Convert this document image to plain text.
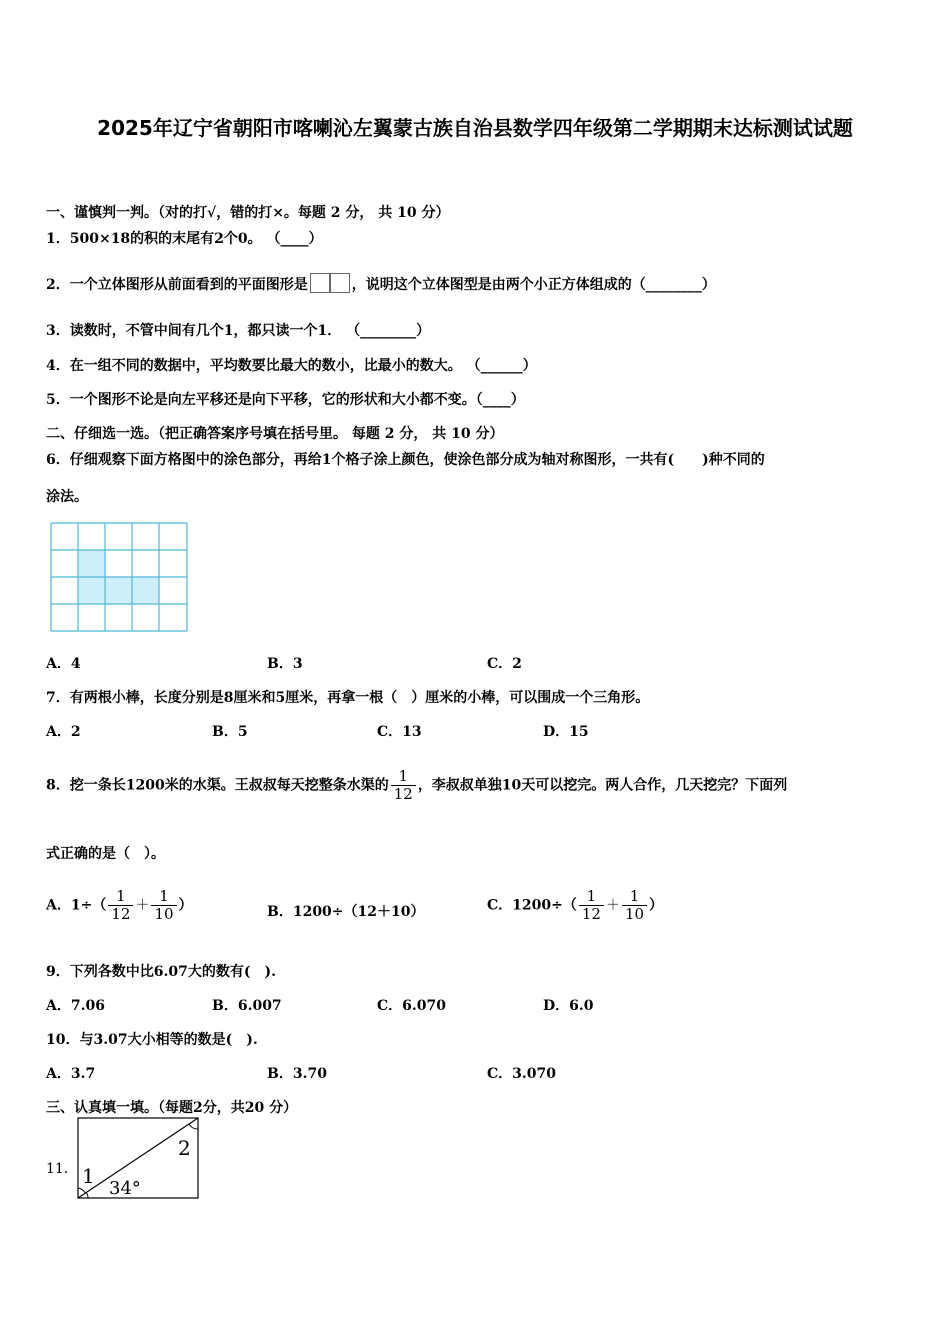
2025年辽宁省朝阳市喀喇沁左翼蒙古族自治县数学四年级第二学期期末达标测试试题
一、谨慎判一判。（对的打√，错的打×。每题 2 分， 共 10 分）
1．500×18的积的末尾有2个0。 （____）
2．一个立体图形从前面看到的平面图形是	，说明这个立体图型是由两个小正方体组成的（________）
3．读数时，不管中间有几个1，都只读一个1． （________）
4．在一组不同的数据中，平均数要比最大的数小，比最小的数大。 （______）
5．一个图形不论是向左平移还是向下平移，它的形状和大小都不变。（____）
二、仔细选一选。（把正确答案序号填在括号里。 每题 2 分， 共 10 分）
6．仔细观察下面方格图中的涂色部分，再给1个格子涂上颜色，使涂色部分成为轴对称图形，一共有(　　)种不同的
涂法。
A．4	B．3	C．2
7．有两根小棒，长度分别是8厘米和5厘米，再拿一根（　）厘米的小棒，可以围成一个三角形。
A．2	B．5	C．13	D．15
8．挖一条长1200米的水渠。王叔叔每天挖整条水渠的 $\frac{1}{12}$ ，李叔叔单独10天可以挖完。两人合作，几天挖完？下面列
式正确的是（　）。
A．$1\div( \frac{1}{12} + \frac{1}{10}$ ）	B．1200÷（12＋10）	C．$1200\div( \frac{1}{12} + \frac{1}{10}$ ）
9．下列各数中比6.07大的数有(　).
A．7.06	B．6.007	C．6.070	D．6.0
10．与3.07大小相等的数是(　).
A．3.7	B．3.70	C．3.070
三、认真填一填。（每题2分，共20 分）
11． 1
2
34°
